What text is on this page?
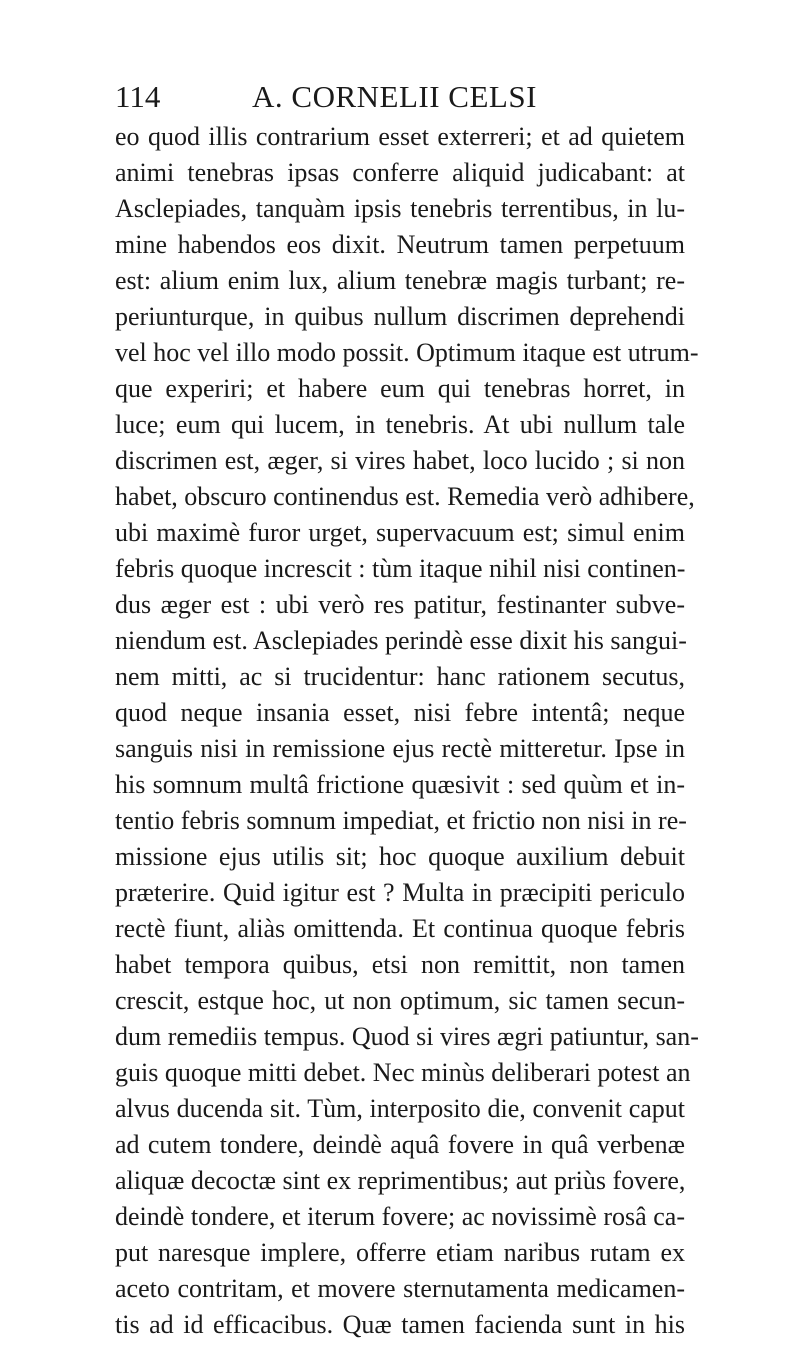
114	A. CORNELII CELSI
eo quod illis contrarium esset exterreri; et ad quietem
animi tenebras ipsas conferre aliquid judicabant: at
Asclepiades, tanquàm ipsis tenebris terrentibus, in lu-
mine habendos eos dixit. Neutrum tamen perpetuum
est: alium enim lux, alium tenebræ magis turbant; re-
periunturque, in quibus nullum discrimen deprehendi
vel hoc vel illo modo possit. Optimum itaque est utrum-
que experiri; et habere eum qui tenebras horret, in
luce; eum qui lucem, in tenebris. At ubi nullum tale
discrimen est, æger, si vires habet, loco lucido ; si non
habet, obscuro continendus est. Remedia verò adhibere,
ubi maximè furor urget, supervacuum est; simul enim
febris quoque increscit : tùm itaque nihil nisi continen-
dus æger est : ubi verò res patitur, festinanter subve-
niendum est. Asclepiades perindè esse dixit his sangui-
nem mitti, ac si trucidentur: hanc rationem secutus,
quod neque insania esset, nisi febre intentâ; neque
sanguis nisi in remissione ejus rectè mitteretur. Ipse in
his somnum multâ frictione quæsivit : sed quùm et in-
tentio febris somnum impediat, et frictio non nisi in re-
missione ejus utilis sit; hoc quoque auxilium debuit
præterire. Quid igitur est ? Multa in præcipiti periculo
rectè fiunt, aliàs omittenda. Et continua quoque febris
habet tempora quibus, etsi non remittit, non tamen
crescit, estque hoc, ut non optimum, sic tamen secun-
dum remediis tempus. Quod si vires ægri patiuntur, san-
guis quoque mitti debet. Nec minùs deliberari potest an
alvus ducenda sit. Tùm, interposito die, convenit caput
ad cutem tondere, deindè aquâ fovere in quâ verbenæ
aliquæ decoctæ sint ex reprimentibus; aut priùs fovere,
deindè tondere, et iterum fovere; ac novissimè rosâ ca-
put naresque implere, offerre etiam naribus rutam ex
aceto contritam, et movere sternutamenta medicamen-
tis ad id efficacibus. Quæ tamen facienda sunt in his
